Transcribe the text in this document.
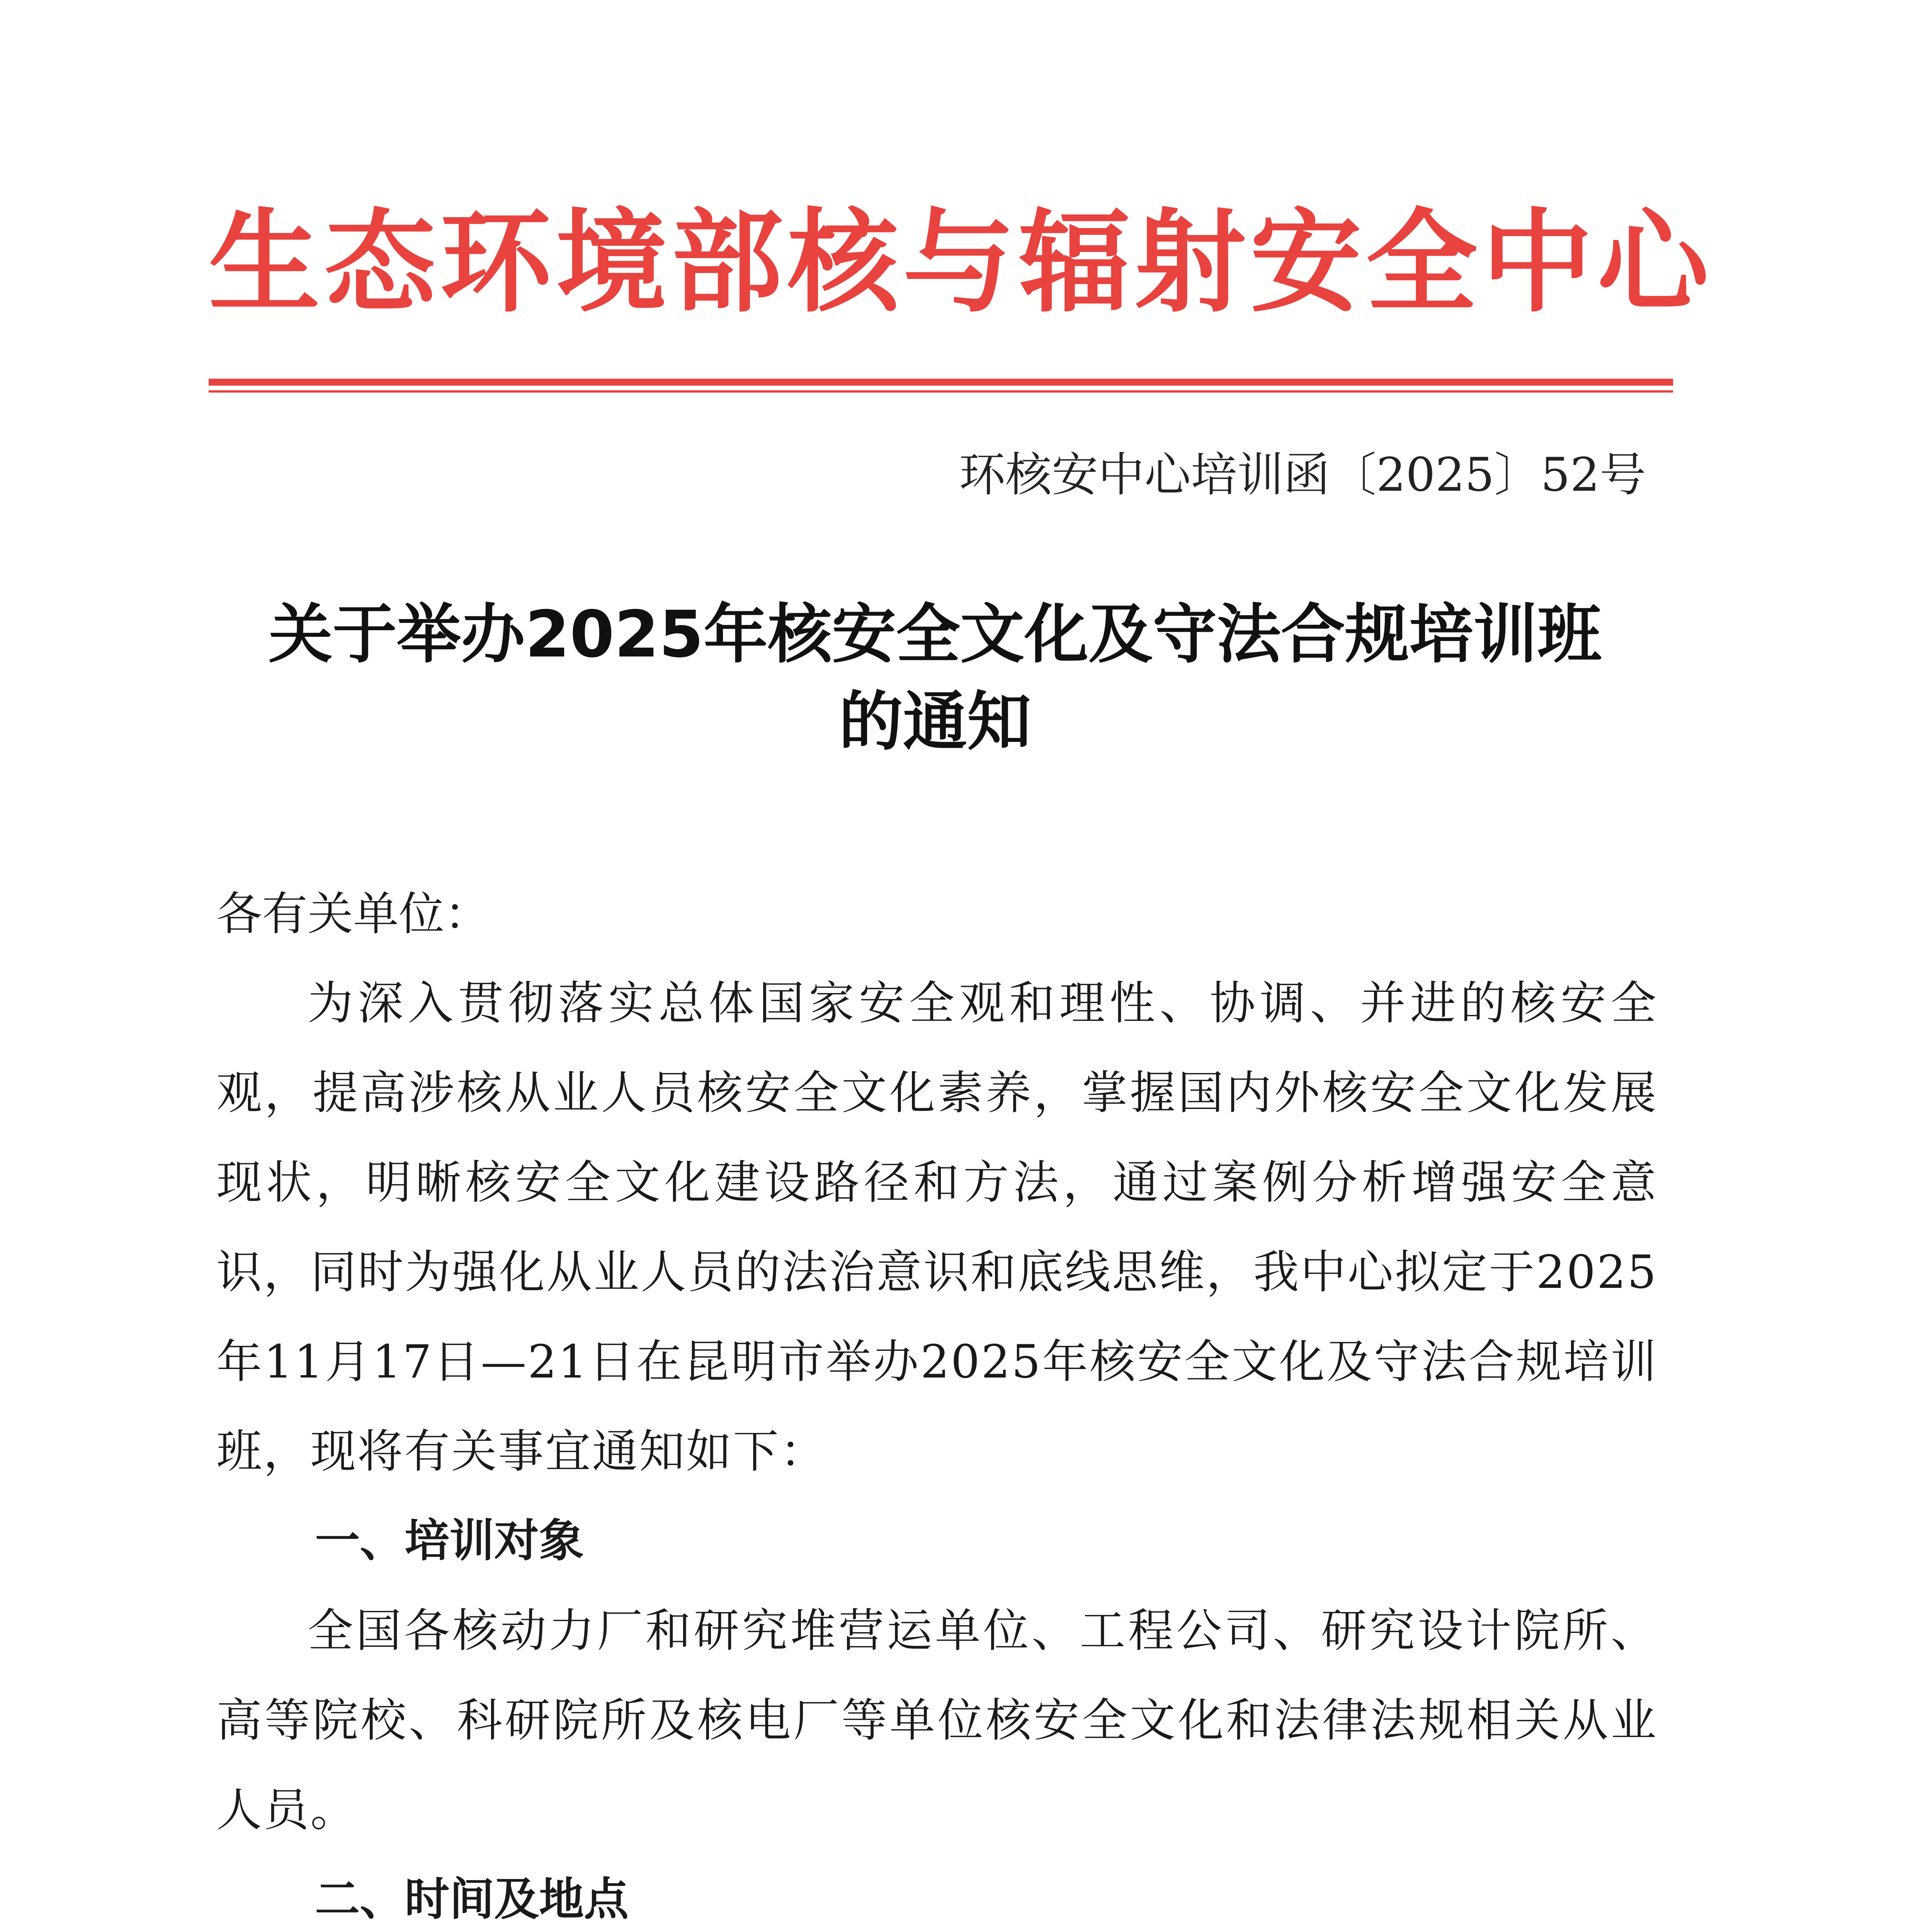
生态环境部核与辐射安全中心
环核安中心培训函〔2025〕52号
关于举办2025年核安全文化及守法合规培训班
的通知

各有关单位：

为深入贯彻落实总体国家安全观和理性、协调、并进的核安全观，提高涉核从业人员核安全文化素养，掌握国内外核安全文化发展现状，明晰核安全文化建设路径和方法，通过案例分析增强安全意识，同时为强化从业人员的法治意识和底线思维，我中心拟定于2025年11月17日—21日在昆明市举办2025年核安全文化及守法合规培训班，现将有关事宜通知如下：

一、培训对象

全国各核动力厂和研究堆营运单位、工程公司、研究设计院所、高等院校、科研院所及核电厂等单位核安全文化和法律法规相关从业人员。

二、时间及地点
